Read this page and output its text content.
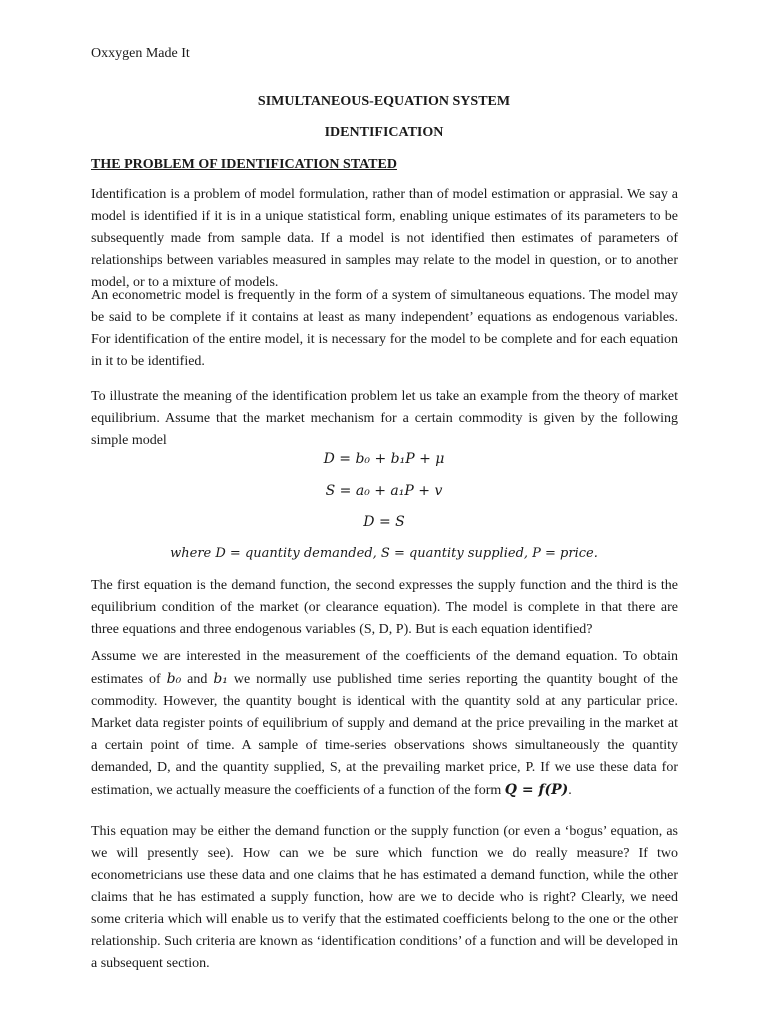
Oxxygen Made It
SIMULTANEOUS-EQUATION SYSTEM
IDENTIFICATION
THE PROBLEM OF IDENTIFICATION STATED

Identification is a problem of model formulation, rather than of model estimation or apprasial. We say a model is identified if it is in a unique statistical form, enabling unique estimates of its parameters to be subsequently made from sample data. If a model is not identified then estimates of parameters of relationships between variables measured in samples may relate to the model in question, or to another model, or to a mixture of models.

An econometric model is frequently in the form of a system of simultaneous equations. The model may be said to be complete if it contains at least as many independent’ equations as endogenous variables. For identification of the entire model, it is necessary for the model to be complete and for each equation in it to be identified.

To illustrate the meaning of the identification problem let us take an example from the theory of market equilibrium. Assume that the market mechanism for a certain commodity is given by the following simple model

D = b₀ + b₁P + μ
S = a₀ + a₁P + v
D = S
where D = quantity demanded, S = quantity supplied, P = price.

The first equation is the demand function, the second expresses the supply function and the third is the equilibrium condition of the market (or clearance equation). The model is complete in that there are three equations and three endogenous variables (S, D, P). But is each equation identified?

Assume we are interested in the measurement of the coefficients of the demand equation. To obtain estimates of b₀ and b₁ we normally use published time series reporting the quantity bought of the commodity. However, the quantity bought is identical with the quantity sold at any particular price. Market data register points of equilibrium of supply and demand at the price prevailing in the market at a certain point of time. A sample of time-series observations shows simultaneously the quantity demanded, D, and the quantity supplied, S, at the prevailing market price, P. If we use these data for estimation, we actually measure the coefficients of a function of the form Q = f(P).

This equation may be either the demand function or the supply function (or even a ‘bogus’ equation, as we will presently see). How can we be sure which function we do really measure? If two econometricians use these data and one claims that he has estimated a demand function, while the other claims that he has estimated a supply function, how are we to decide who is right? Clearly, we need some criteria which will enable us to verify that the estimated coefficients belong to the one or the other relationship. Such criteria are known as ‘identification conditions’ of a function and will be developed in a subsequent section.
